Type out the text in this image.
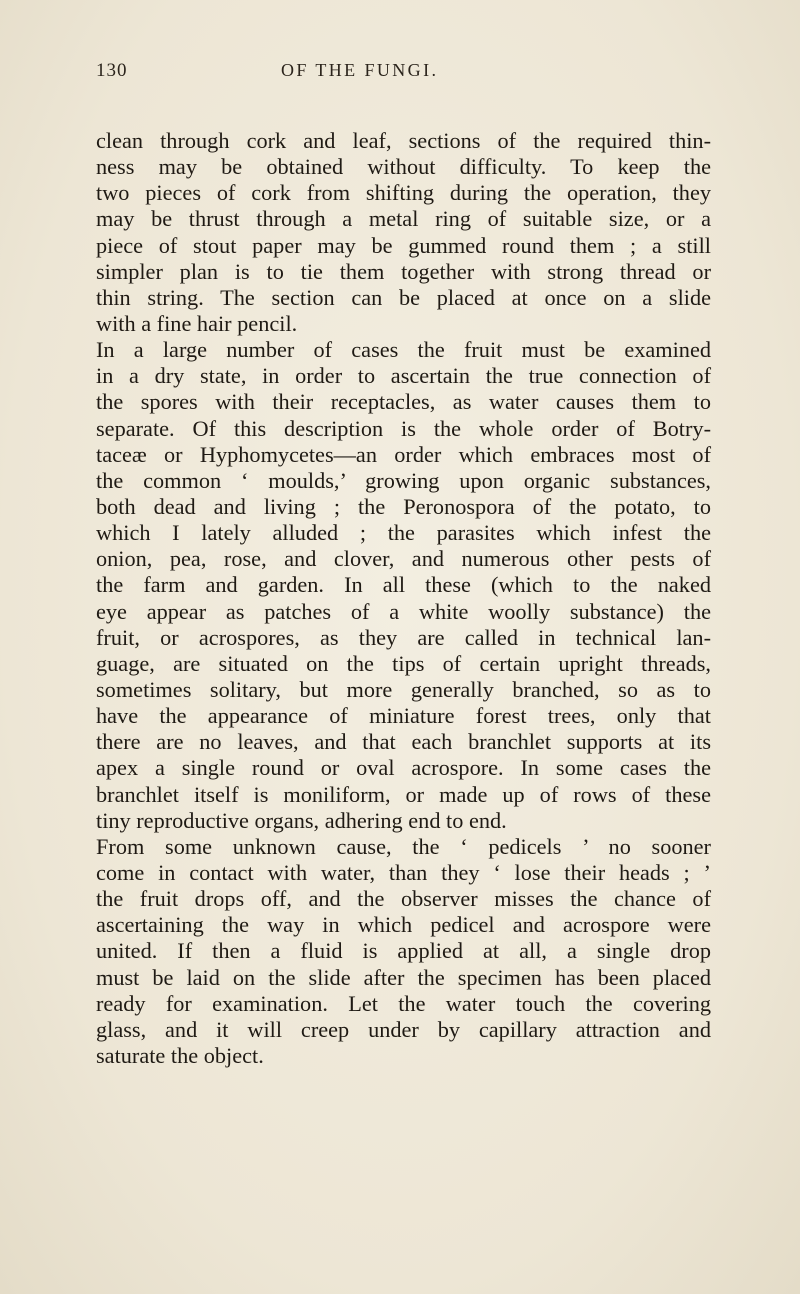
130	OF THE FUNGI.
clean through cork and leaf, sections of the required thin-
ness may be obtained without difficulty. To keep the
two pieces of cork from shifting during the operation, they
may be thrust through a metal ring of suitable size, or a
piece of stout paper may be gummed round them ; a still
simpler plan is to tie them together with strong thread or
thin string. The section can be placed at once on a slide
with a fine hair pencil.
In a large number of cases the fruit must be examined
in a dry state, in order to ascertain the true connection of
the spores with their receptacles, as water causes them to
separate. Of this description is the whole order of Botry-
taceæ or Hyphomycetes—an order which embraces most of
the common ‘ moulds,’ growing upon organic substances,
both dead and living ; the Peronospora of the potato, to
which I lately alluded ; the parasites which infest the
onion, pea, rose, and clover, and numerous other pests of
the farm and garden. In all these (which to the naked
eye appear as patches of a white woolly substance) the
fruit, or acrospores, as they are called in technical lan-
guage, are situated on the tips of certain upright threads,
sometimes solitary, but more generally branched, so as to
have the appearance of miniature forest trees, only that
there are no leaves, and that each branchlet supports at its
apex a single round or oval acrospore. In some cases the
branchlet itself is moniliform, or made up of rows of these
tiny reproductive organs, adhering end to end.
From some unknown cause, the ‘ pedicels ’ no sooner
come in contact with water, than they ‘ lose their heads ; ’
the fruit drops off, and the observer misses the chance of
ascertaining the way in which pedicel and acrospore were
united. If then a fluid is applied at all, a single drop
must be laid on the slide after the specimen has been placed
ready for examination. Let the water touch the covering
glass, and it will creep under by capillary attraction and
saturate the object.
